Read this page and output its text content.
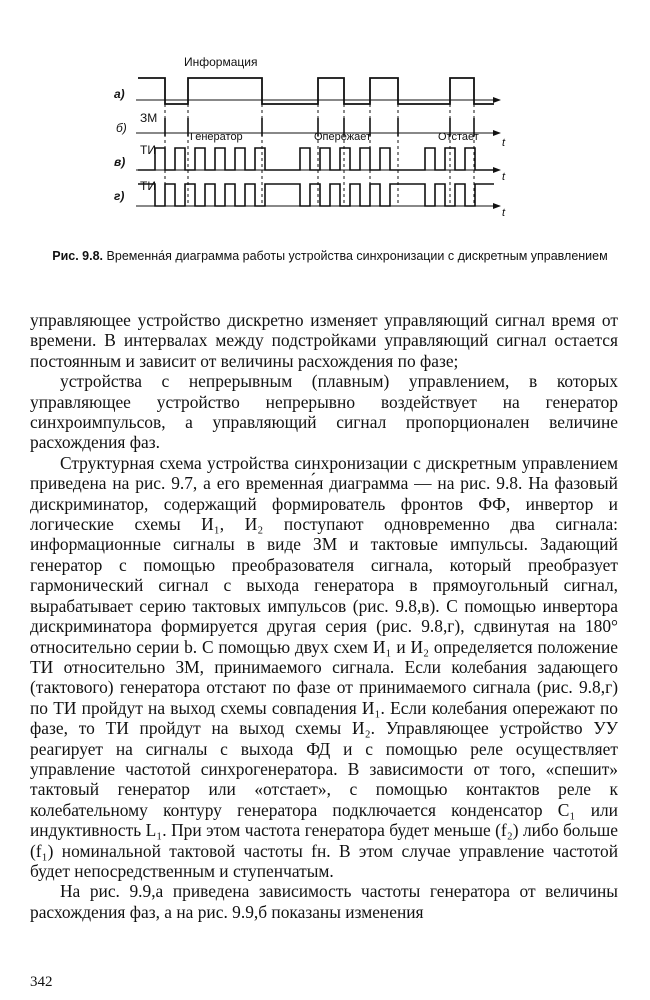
Информация
а)
б)
ЗМ
Генератор	Опережает	Отстает t
в)
ТИ
t
г)
ТИ
t
Рис. 9.8. Временна́я диаграмма работы устройства синхронизации с дискретным управлением

управляющее устройство дискретно изменяет управляющий сигнал время от времени. В интервалах между подстройками управляющий сигнал остается постоянным и зависит от величины расхождения по фазе;

устройства с непрерывным (плавным) управлением, в которых управляющее устройство непрерывно воздействует на генератор синхроимпульсов, а управляющий сигнал пропорционален величине расхождения фаз.

Структурная схема устройства синхронизации с дискретным управлением приведена на рис. 9.7, а его временна́я диаграмма — на рис. 9.8. На фазовый дискриминатор, содержащий формирователь фронтов ФФ, инвертор и логические схемы И₁, И₂ поступают одновременно два сигнала: информационные сигналы в виде ЗМ и тактовые импульсы. Задающий генератор с помощью преобразователя сигнала, который преобразует гармонический сигнал с выхода генератора в прямоугольный сигнал, вырабатывает серию тактовых импульсов (рис. 9.8,в). С помощью инвертора дискриминатора формируется другая серия (рис. 9.8,г), сдвинутая на 180° относительно серии b. С помощью двух схем И₁ и И₂ определяется положение ТИ относительно ЗМ, принимаемого сигнала. Если колебания задающего (тактового) генератора отстают по фазе от принимаемого сигнала (рис. 9.8,г) по ТИ пройдут на выход схемы совпадения И₁. Если колебания опережают по фазе, то ТИ пройдут на выход схемы И₂. Управляющее устройство УУ реагирует на сигналы с выхода ФД и с помощью реле осуществляет управление частотой синхрогенератора. В зависимости от того, «спешит» тактовый генератор или «отстает», с помощью контактов реле к колебательному контуру генератора подключается конденсатор C₁ или индуктивность L₁. При этом частота генератора будет меньше (f₂) либо больше (f₁) номинальной тактовой частоты fн. В этом случае управление частотой будет непосредственным и ступенчатым.

На рис. 9.9,а приведена зависимость частоты генератора от величины расхождения фаз, а на рис. 9.9,б показаны изменения

342
